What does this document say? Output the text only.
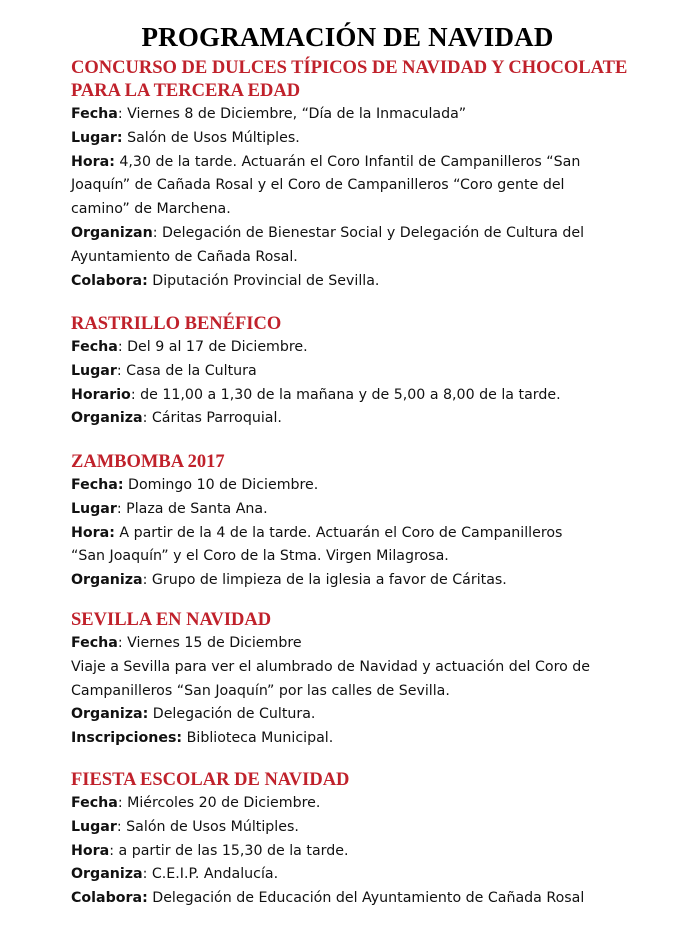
PROGRAMACIÓN DE NAVIDAD
CONCURSO DE DULCES TÍPICOS DE NAVIDAD Y CHOCOLATE
PARA LA TERCERA EDAD
Fecha: Viernes 8 de Diciembre, “Día de la Inmaculada”
Lugar: Salón de Usos Múltiples.
Hora: 4,30 de la tarde. Actuarán el Coro Infantil de Campanilleros “San
Joaquín” de Cañada Rosal y el Coro de Campanilleros “Coro gente del
camino” de Marchena.
Organizan: Delegación de Bienestar Social y Delegación de Cultura del
Ayuntamiento de Cañada Rosal.
Colabora: Diputación Provincial de Sevilla.
RASTRILLO BENÉFICO
Fecha: Del 9 al 17 de Diciembre.
Lugar: Casa de la Cultura
Horario: de 11,00 a 1,30 de la mañana y de 5,00 a 8,00 de la tarde.
Organiza: Cáritas Parroquial.
ZAMBOMBA 2017
Fecha: Domingo 10 de Diciembre.
Lugar: Plaza de Santa Ana.
Hora: A partir de la 4 de la tarde. Actuarán el Coro de Campanilleros
“San Joaquín” y el Coro de la Stma. Virgen Milagrosa.
Organiza: Grupo de limpieza de la iglesia a favor de Cáritas.
SEVILLA EN NAVIDAD
Fecha: Viernes 15 de Diciembre
Viaje a Sevilla para ver el alumbrado de Navidad y actuación del Coro de
Campanilleros “San Joaquín” por las calles de Sevilla.
Organiza: Delegación de Cultura.
Inscripciones: Biblioteca Municipal.
FIESTA ESCOLAR DE NAVIDAD
Fecha: Miércoles 20 de Diciembre.
Lugar: Salón de Usos Múltiples.
Hora: a partir de las 15,30 de la tarde.
Organiza: C.E.I.P. Andalucía.
Colabora: Delegación de Educación del Ayuntamiento de Cañada Rosal
